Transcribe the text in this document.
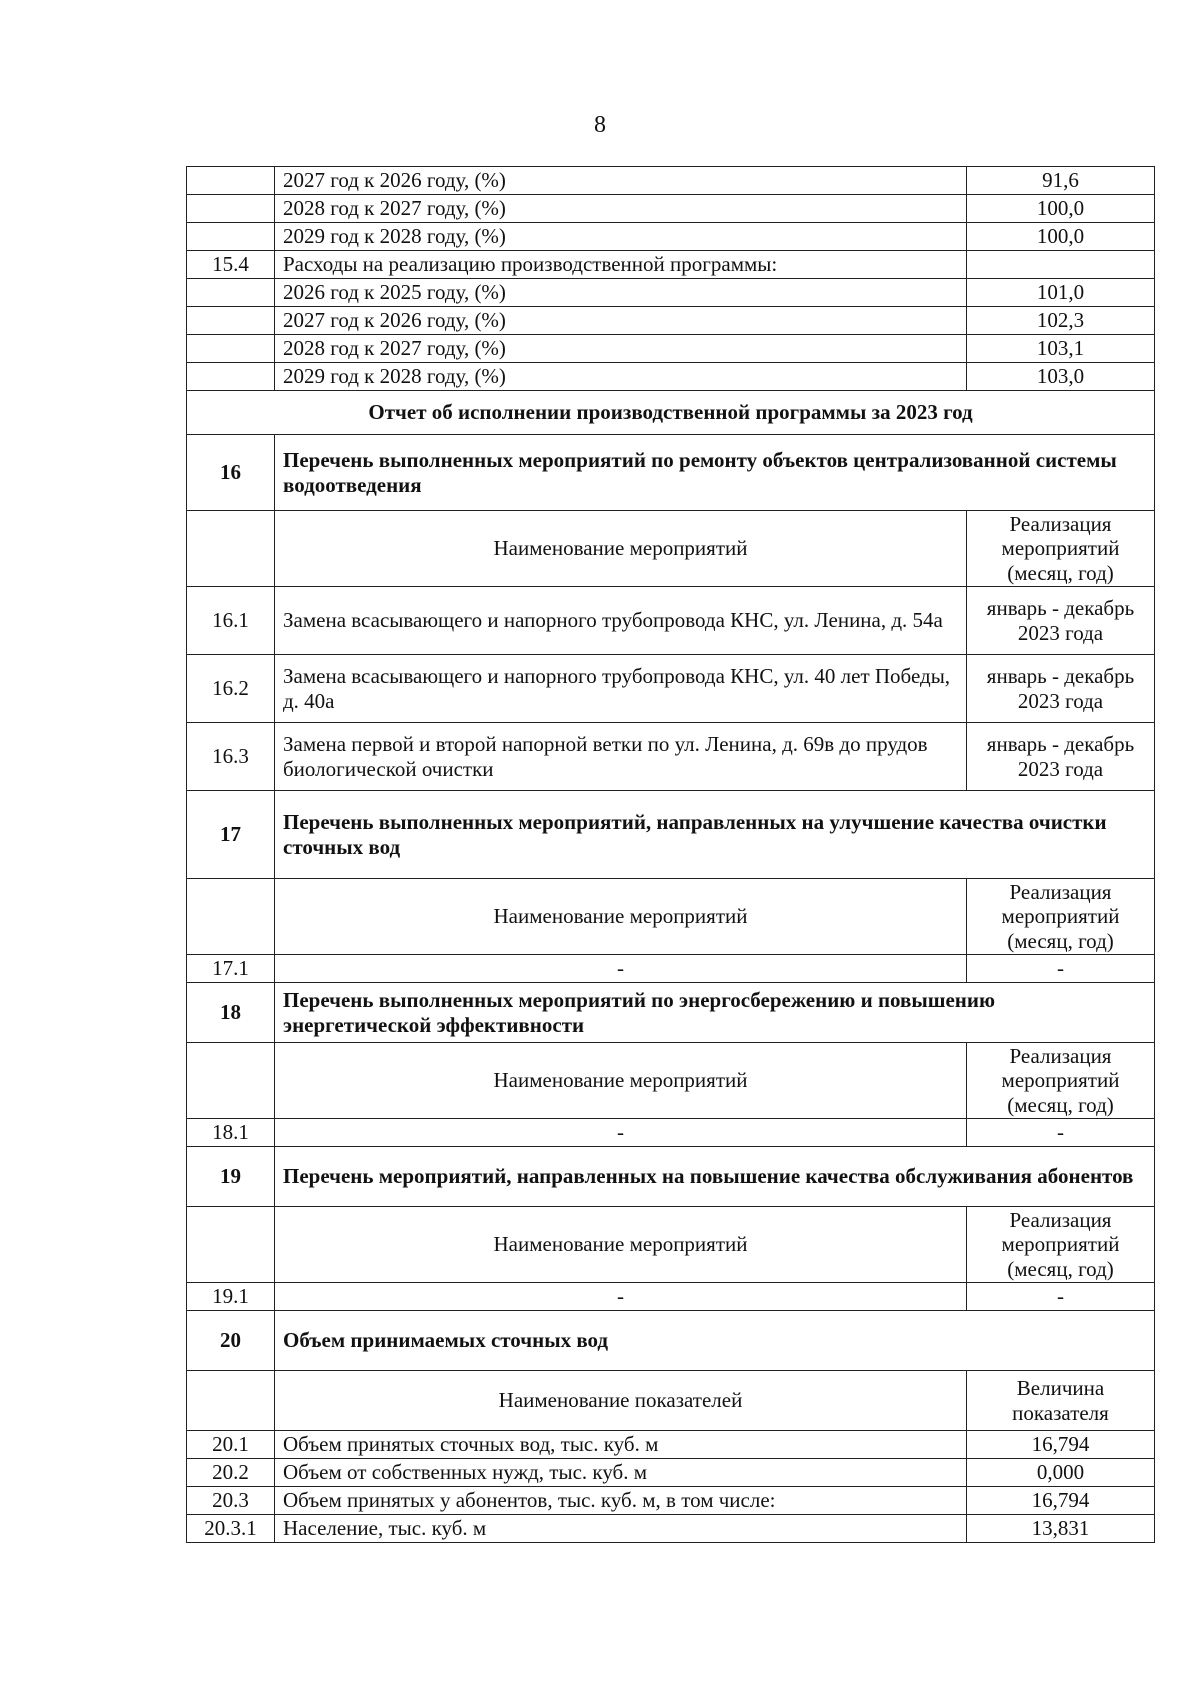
8
	2027 год к 2026 году, (%)	91,6
	2028 год к 2027 году, (%)	100,0
	2029 год к 2028 году, (%)	100,0
15.4	Расходы на реализацию производственной программы:	
	2026 год к 2025 году, (%)	101,0
	2027 год к 2026 году, (%)	102,3
	2028 год к 2027 году, (%)	103,1
	2029 год к 2028 году, (%)	103,0
Отчет об исполнении производственной программы за 2023 год		
16	Перечень выполненных мероприятий по ремонту объектов централизованной системы водоотведения	
	Наименование мероприятий	Реализация мероприятий (месяц, год)
16.1	Замена всасывающего и напорного трубопровода КНС, ул. Ленина, д. 54а	январь - декабрь 2023 года
16.2	Замена всасывающего и напорного трубопровода КНС, ул. 40 лет Победы, д. 40а	январь - декабрь 2023 года
16.3	Замена первой и второй напорной ветки по ул. Ленина, д. 69в до прудов биологической очистки	январь - декабрь 2023 года
17	Перечень выполненных мероприятий, направленных на улучшение качества очистки сточных вод	
	Наименование мероприятий	Реализация мероприятий (месяц, год)
17.1	-	-
18	Перечень выполненных мероприятий по энергосбережению и повышению энергетической эффективности	
	Наименование мероприятий	Реализация мероприятий (месяц, год)
18.1	-	-
19	Перечень мероприятий, направленных на повышение качества обслуживания абонентов	
	Наименование мероприятий	Реализация мероприятий (месяц, год)
19.1	-	-
20	Объем принимаемых сточных вод	
	Наименование показателей	Величина показателя
20.1	Объем принятых сточных вод, тыс. куб. м	16,794
20.2	Объем от собственных нужд, тыс. куб. м	0,000
20.3	Объем принятых у абонентов, тыс. куб. м, в том числе:	16,794
20.3.1	Население, тыс. куб. м	13,831
